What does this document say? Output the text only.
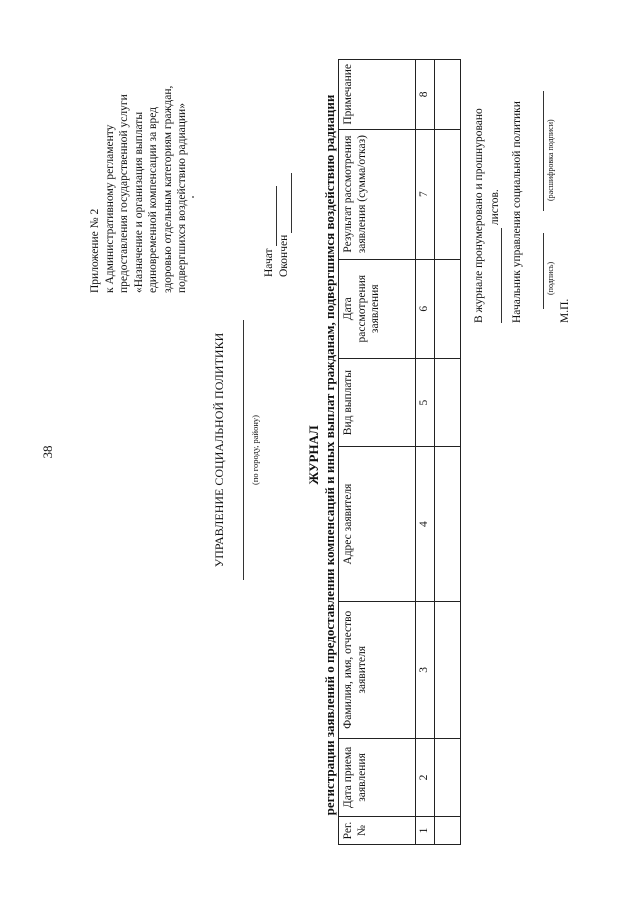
38
Приложение № 2 к Административному регламенту предоставления государственной услуги «Назначение и организация выплаты единовременной компенсации за вред здоровью отдельным категориям граждан, подвергшихся воздействию радиации»
УПРАВЛЕНИЕ СОЦИАЛЬНОЙ ПОЛИТИКИ	(по городу, району)
Начат Окончен
ЖУРНАЛ регистрации заявлений о предоставлении компенсаций и иных выплат гражданам, подвергшимся воздействию радиации
Рег. №	Дата приема заявления	Фамилия, имя, отчество заявителя	Адрес заявителя	Вид выплаты	Дата рассмотрения заявления	Результат рассмотрения заявления (сумма/отказ)	Примечание
1	2	3	4	5	6	7	8

В журнале пронумеровано и прошнуровано листов. Начальник управления социальной политики	(подпись)
(расшифровка подписи)
М.П.
